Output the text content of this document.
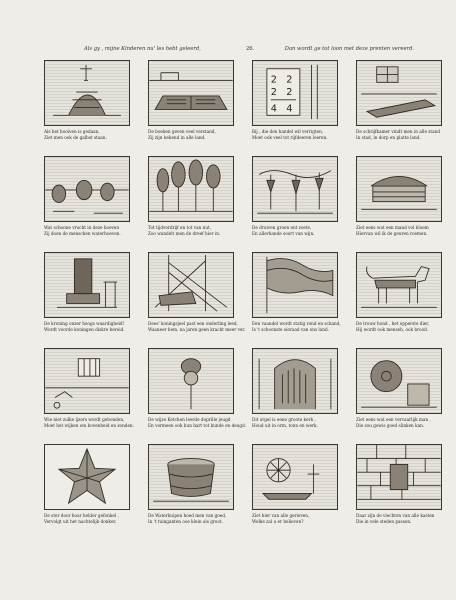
Als gy , mijne Kinderen nu' les hebt geleerd,	26.	Dan wordt ge tot loon met deze prenten vereerd.
Als het hooiven is gedaan,
Ziet men ook de galbst staan.
De boeken geven veel verstand,
Zij zijn bekend in alle land.
2 2
2 2
4 4
Bij , die den handel wil verrigten,
Moet ook veel tot rijfdeeren leeren.
De schrijfkamer vindt men in alle stand
In stad, in dorp en platte land.
Wat schoone vrucht in deze hoeven
Zij doen de menschen waterhoeven.
Tot tijdverdrijf en tot van nut,
Zoo wandelt men de dreef hier in.
De druiven groen ent zoete,
En allerhande soort van wijn.
Ziet eens wat een mand vol bloem
Hiervan wil ik de geuren roemen.
De kroning onzer hoogs waardigheid!
Wordt voorde koningen diskre bereid.
Dees' koningsjeel past een onderling leed,
Waaneer hem, na jaren geen kracht meer ver.
Een vaandel wordt statig rond en schand,
Is 't schoonste sieraad van ons land.
De trouw hond , het opperste dier,
Hij wordt ook menseh, ook brood.
Wie niet zulke ijzers wordt gebonden,
Moet het wijken om bovenheid en zonden.
De wijze Ketchen leerde doprille jeugd
En vermeen ook hun hart tot kunde en deugd.
Dit orgel is eene groote kerk ,
Houd uit in orm, tonn en werk.
Ziet eens wat een vervaarlijk man ,
Die zou gewis goed slinken kan.
De ster door hoar helder gefonkel ,
Vervolgt uit het nachtelijk donker.
De Waterkuipen hoed men van goed,
In 't tuinganten ooe klein als groot.
Ziet hier van alle gerieven,
Welke zal u er believen?
Daar zijn de vlechten van alle kasten
Die in vele steden passen.
